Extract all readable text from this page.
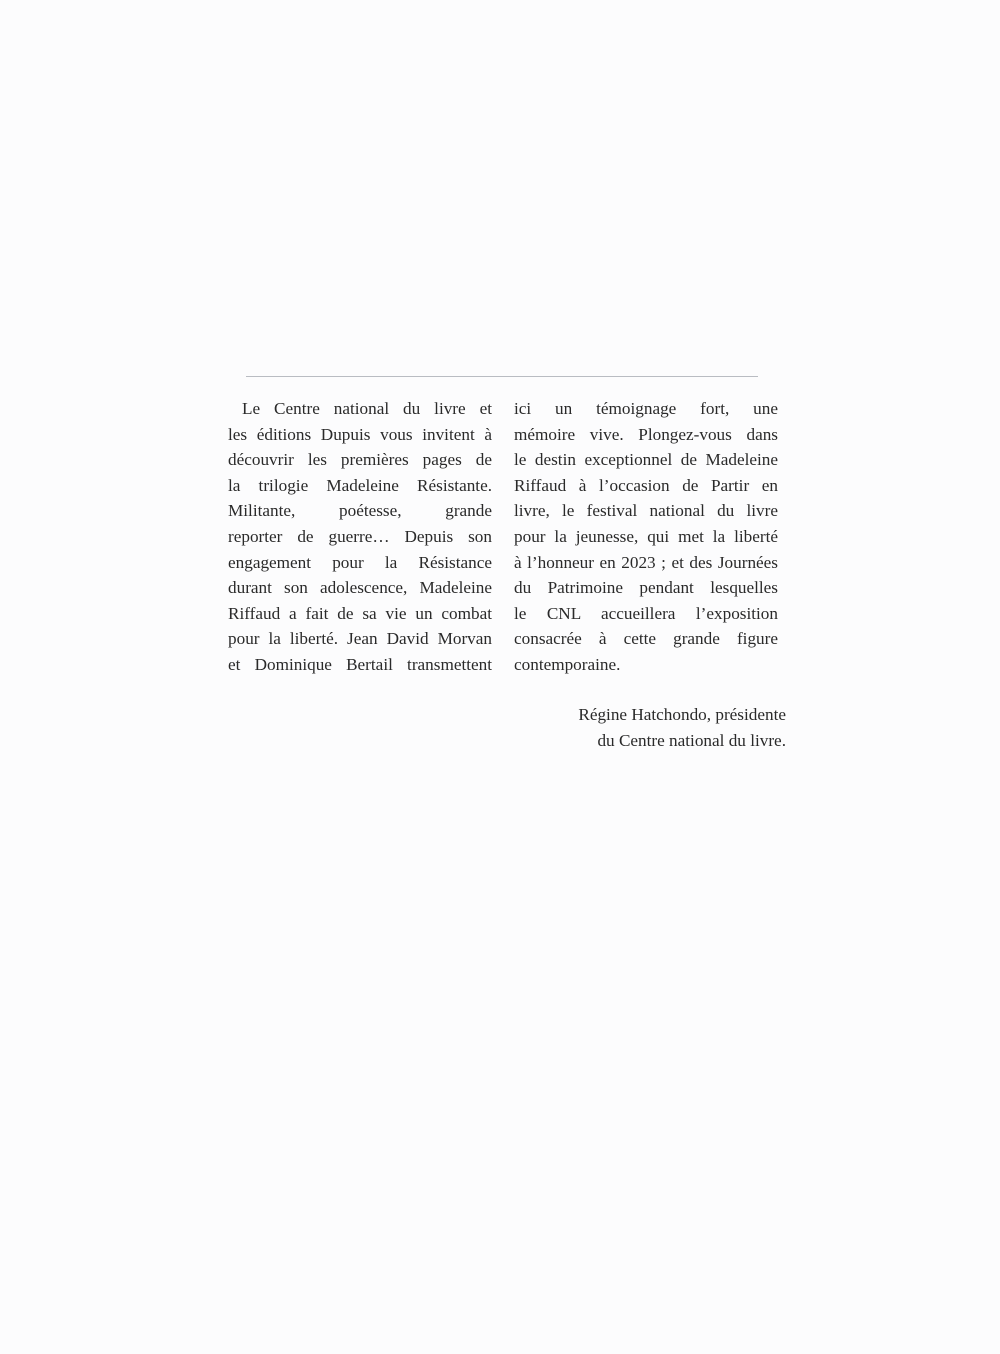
Le Centre national du livre et
les éditions Dupuis vous invitent à
découvrir les premières pages de
la trilogie Madeleine Résistante.
Militante, poétesse, grande
reporter de guerre… Depuis son
engagement pour la Résistance
durant son adolescence, Madeleine
Riffaud a fait de sa vie un combat
pour la liberté. Jean David Morvan
et Dominique Bertail transmettent
ici un témoignage fort, une
mémoire vive. Plongez-vous dans
le destin exceptionnel de Madeleine
Riffaud à l’occasion de Partir en
livre, le festival national du livre
pour la jeunesse, qui met la liberté
à l’honneur en 2023 ; et des Journées
du Patrimoine pendant lesquelles
le CNL accueillera l’exposition
consacrée à cette grande figure
contemporaine.
Régine Hatchondo, présidente
du Centre national du livre.
